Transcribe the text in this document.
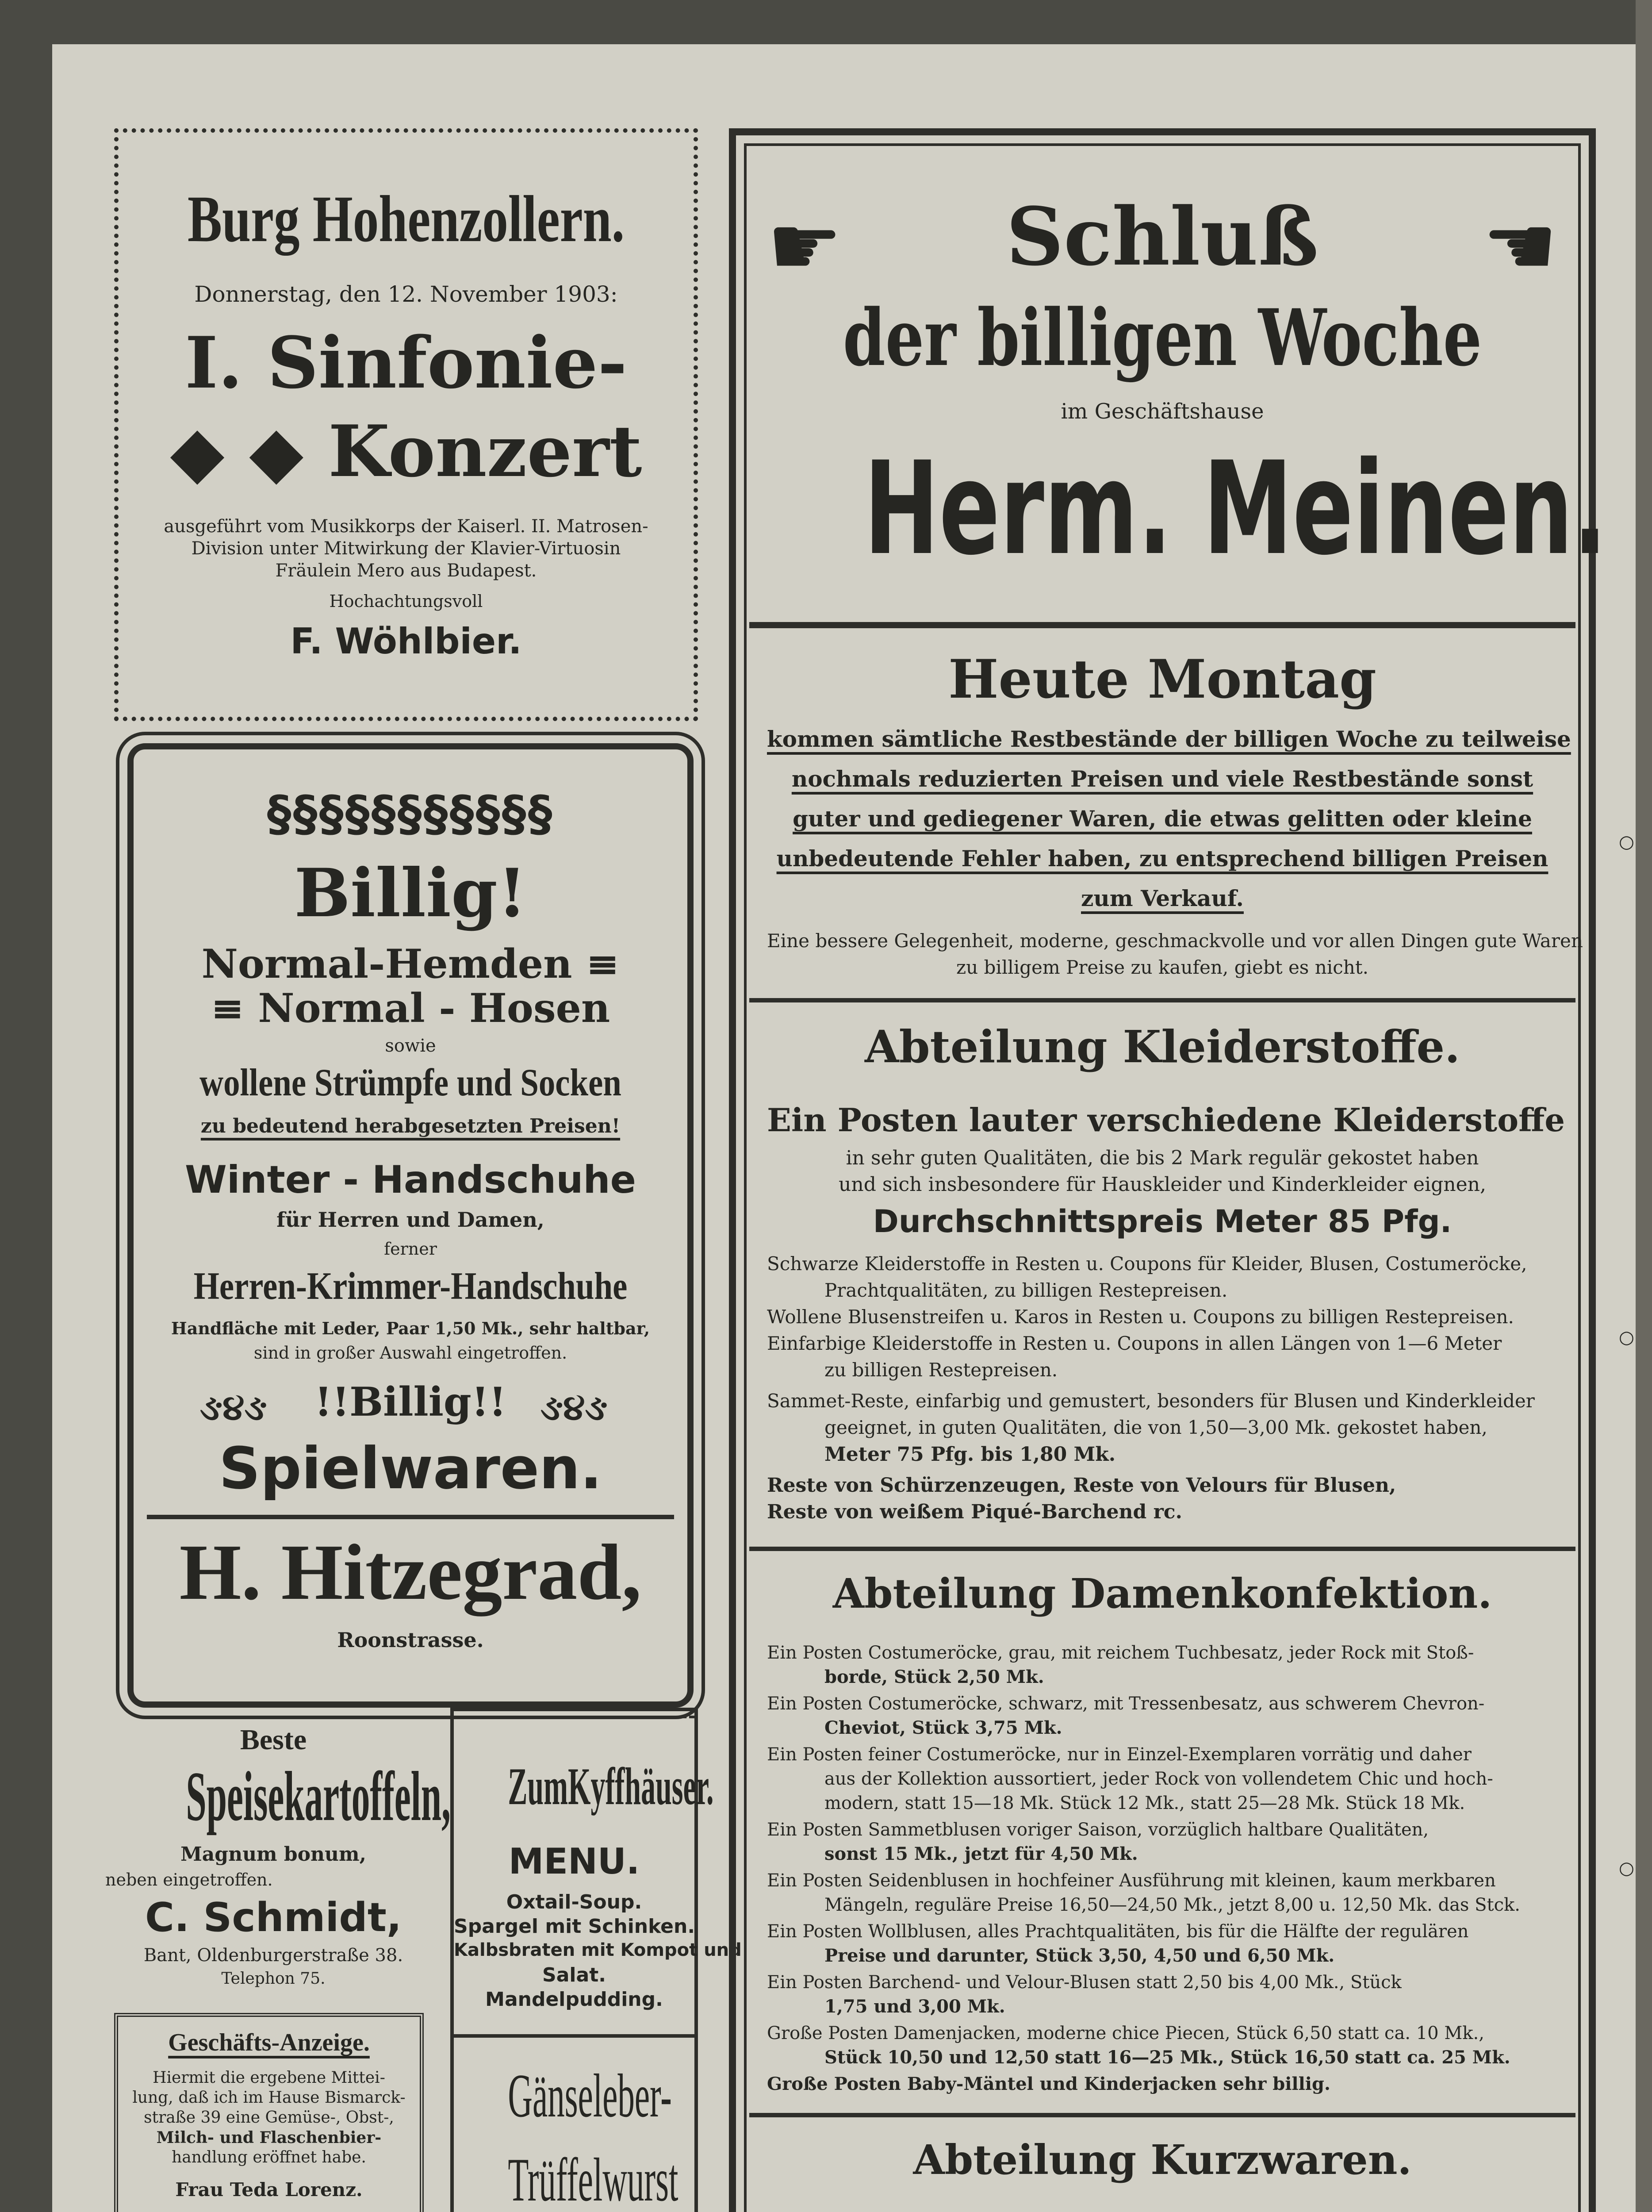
Burg Hohenzollern.
Donnerstag, den 12. November 1903:
I. Sinfonie-
◆ ◆ Konzert
ausgeführt vom Musikkorps der Kaiserl. II. Matrosen-
Division unter Mitwirkung der Klavier-Virtuosin
Fräulein Mero aus Budapest.
Hochachtungsvoll
F. Wöhlbier.
§§§§§§§§§§§
Billig!
Normal-Hemden ≡
≡ Normal - Hosen
sowie
wollene Strümpfe und Socken
zu bedeutend herabgesetzten Preisen!
Winter - Handschuhe
für Herren und Damen,
ferner
Herren-Krimmer-Handschuhe
Handfläche mit Leder, Paar 1,50 Mk., sehr haltbar,
sind in großer Auswahl eingetroffen.
ઙ૪ઙ	!!Billig!! ઙ૪ઙ
Spielwaren.
H. Hitzegrad,
Roonstrasse.
Beste
Speisekartoffeln,
Magnum bonum,
neben eingetroffen.
C. Schmidt,
Bant, Oldenburgerstraße 38.
Telephon 75.
Geschäfts-Anzeige.
Hiermit die ergebene Mittei-
lung, daß ich im Hause Bismarck-
straße 39 eine Gemüse-, Obst-,
Milch- und Flaschenbier-
handlung eröffnet habe.
Frau Teda Lorenz.
ZumKyffhäuser.
MENU.
Oxtail-Soup.
Spargel mit Schinken.
Kalbsbraten mit Kompot und
Salat.
Mandelpudding.
Gänseleber-
Trüffelwurst
☛	☚
Schluß
der billigen Woche
im Geschäftshause
Herm. Meinen.
Heute Montag
kommen sämtliche Restbestände der billigen Woche zu teilweise
nochmals reduzierten Preisen und viele Restbestände sonst
guter und gediegener Waren, die etwas gelitten oder kleine
unbedeutende Fehler haben, zu entsprechend billigen Preisen
zum Verkauf.
Eine bessere Gelegenheit, moderne, geschmackvolle und vor allen Dingen gute Waren
zu billigem Preise zu kaufen, giebt es nicht.
Abteilung Kleiderstoffe.
Ein Posten lauter verschiedene Kleiderstoffe
in sehr guten Qualitäten, die bis 2 Mark regulär gekostet haben
und sich insbesondere für Hauskleider und Kinderkleider eignen,
Durchschnittspreis Meter 85 Pfg.
Schwarze Kleiderstoffe in Resten u. Coupons für Kleider, Blusen, Costumeröcke,
Prachtqualitäten, zu billigen Restepreisen.
Wollene Blusenstreifen u. Karos in Resten u. Coupons zu billigen Restepreisen.
Einfarbige Kleiderstoffe in Resten u. Coupons in allen Längen von 1—6 Meter
zu billigen Restepreisen.
Sammet-Reste, einfarbig und gemustert, besonders für Blusen und Kinderkleider
geeignet, in guten Qualitäten, die von 1,50—3,00 Mk. gekostet haben,
Meter 75 Pfg. bis 1,80 Mk.
Reste von Schürzenzeugen, Reste von Velours für Blusen,
Reste von weißem Piqué-Barchend rc.
Abteilung Damenkonfektion.
Ein Posten Costumeröcke, grau, mit reichem Tuchbesatz, jeder Rock mit Stoß-
borde, Stück 2,50 Mk.
Ein Posten Costumeröcke, schwarz, mit Tressenbesatz, aus schwerem Chevron-
Cheviot, Stück 3,75 Mk.
Ein Posten feiner Costumeröcke, nur in Einzel-Exemplaren vorrätig und daher
aus der Kollektion aussortiert, jeder Rock von vollendetem Chic und hoch-
modern, statt 15—18 Mk. Stück 12 Mk., statt 25—28 Mk. Stück 18 Mk.
Ein Posten Sammetblusen voriger Saison, vorzüglich haltbare Qualitäten,
sonst 15 Mk., jetzt für 4,50 Mk.
Ein Posten Seidenblusen in hochfeiner Ausführung mit kleinen, kaum merkbaren
Mängeln, reguläre Preise 16,50—24,50 Mk., jetzt 8,00 u. 12,50 Mk. das Stck.
Ein Posten Wollblusen, alles Prachtqualitäten, bis für die Hälfte der regulären
Preise und darunter, Stück 3,50, 4,50 und 6,50 Mk.
Ein Posten Barchend- und Velour-Blusen statt 2,50 bis 4,00 Mk., Stück
1,75 und 3,00 Mk.
Große Posten Damenjacken, moderne chice Piecen, Stück 6,50 statt ca. 10 Mk.,
Stück 10,50 und 12,50 statt 16—25 Mk., Stück 16,50 statt ca. 25 Mk.
Große Posten Baby-Mäntel und Kinderjacken sehr billig.
Abteilung Kurzwaren.
○
○
○
